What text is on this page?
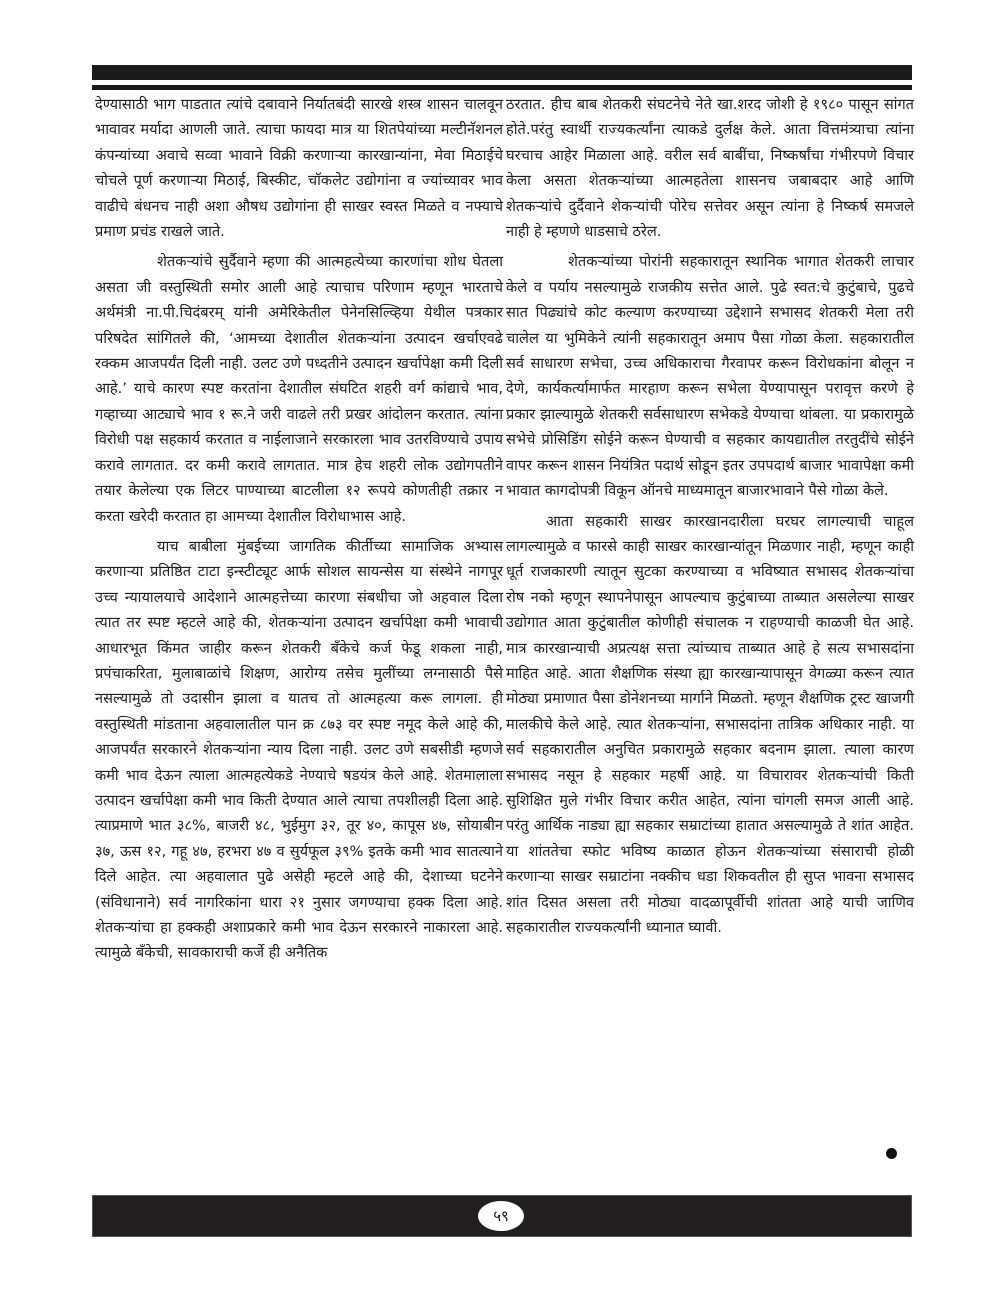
देण्यासाठी भाग पाडतात त्यांचे दबावाने निर्यातबंदी सारखे शस्त्र शासन चालवून भावावर मर्यादा आणली जाते. त्याचा फायदा मात्र या शितपेयांच्या मल्टीनॅशनल कंपन्यांच्या अवाचे सव्वा भावाने विक्री करणाऱ्या कारखान्यांना, मेवा मिठाईचे चोचले पूर्ण करणाऱ्या मिठाई, बिस्कीट, चॉकलेट उद्योगांना व ज्यांच्यावर भाव वाढीचे बंधनच नाही अशा औषध उद्योगांना ही साखर स्वस्त मिळते व नफ्याचे प्रमाण प्रचंड राखले जाते.

शेतकऱ्यांचे सुर्दैवाने म्हणा की आत्महत्येच्या कारणांचा शोध घेतला असता जी वस्तुस्थिती समोर आली आहे त्याचाच परिणाम म्हणून भारताचे अर्थमंत्री ना.पी.चिदंबरम् यांनी अमेरिकेतील पेनेनसिल्व्हिया येथील पत्रकार परिषदेत सांगितले की, ‘आमच्या देशातील शेतकऱ्यांना उत्पादन खर्चाएवढे रक्कम आजपर्यंत दिली नाही. उलट उणे पध्दतीने उत्पादन खर्चापेक्षा कमी दिली आहे.’ याचे कारण स्पष्ट करतांना देशातील संघटित शहरी वर्ग कांद्याचे भाव, गव्हाच्या आट्याचे भाव १ रू.ने जरी वाढले तरी प्रखर आंदोलन करतात. त्यांना विरोधी पक्ष सहकार्य करतात व नाईलाजाने सरकारला भाव उतरविण्याचे उपाय करावे लागतात. दर कमी करावे लागतात. मात्र हेच शहरी लोक उद्योगपतीने तयार केलेल्या एक लिटर पाण्याच्या बाटलीला १२ रूपये कोणतीही तक्रार न करता खरेदी करतात हा आमच्या देशातील विरोधाभास आहे.

याच बाबीला मुंबईच्या जागतिक कीर्तीच्या सामाजिक अभ्यास करणाऱ्या प्रतिष्ठित टाटा इन्स्टीट्यूट आर्फ सोशल सायन्सेस या संस्थेने नागपूर उच्च न्यायालयाचे आदेशाने आत्महत्तेच्या कारणा संबधीचा जो अहवाल दिला त्यात तर स्पष्ट म्हटले आहे की, शेतकऱ्यांना उत्पादन खर्चापेक्षा कमी भावाची आधारभूत किंमत जाहीर करून शेतकरी बॅंकेचे कर्ज फेडू शकला नाही, प्रपंचाकरिता, मुलाबाळांचे शिक्षण, आरोग्य तसेच मुलींच्या लग्नासाठी पैसे नसल्यामुळे तो उदासीन झाला व यातच तो आत्महत्या करू लागला. ही वस्तुस्थिती मांडताना अहवालातील पान क्र ८७३ वर स्पष्ट नमूद केले आहे की, आजपर्यंत सरकारने शेतकऱ्यांना न्याय दिला नाही. उलट उणे सबसीडी म्हणजे कमी भाव देऊन त्याला आत्महत्येकडे नेण्याचे षडयंत्र केले आहे. शेतमालाला उत्पादन खर्चापेक्षा कमी भाव किती देण्यात आले त्याचा तपशीलही दिला आहे. त्याप्रमाणे भात ३८%, बाजरी ४८, भुईमुग ३२, तूर ४०, कापूस ४७, सोयाबीन ३७, ऊस १२, गहू ४७, हरभरा ४७ व सुर्यफूल ३९% इतके कमी भाव सातत्याने दिले आहेत. त्या अहवालात पुढे असेही म्हटले आहे की, देशाच्या घटनेने (संविधानाने) सर्व नागरिकांना धारा २१ नुसार जगण्याचा हक्क दिला आहे. शेतकऱ्यांचा हा हक्कही अशाप्रकारे कमी भाव देऊन सरकारने नाकारला आहे. त्यामुळे बॅंकेची, सावकाराची कर्जे ही अनैतिक

ठरतात. हीच बाब शेतकरी संघटनेचे नेते खा.शरद जोशी हे १९८० पासून सांगत होते.परंतु स्वार्थी राज्यकर्त्यांना त्याकडे दुर्लक्ष केले. आता वित्तमंत्र्याचा त्यांना घरचाच आहेर मिळाला आहे. वरील सर्व बाबींचा, निष्कर्षांचा गंभीरपणे विचार केला असता शेतकऱ्यांच्या आत्महतेला शासनच जबाबदार आहे आणि शेतकऱ्यांचे दुर्दैवाने शेकऱ्यांची पोरेच सत्तेवर असून त्यांना हे निष्कर्ष समजले नाही हे म्हणणे धाडसाचे ठरेल.

शेतकऱ्यांच्या पोरांनी सहकारातून स्थानिक भागात शेतकरी लाचार केले व पर्याय नसल्यामुळे राजकीय सत्तेत आले. पुढे स्वत:चे कुटुंबाचे, पुढचे सात पिढ्यांचे कोट कल्याण करण्याच्या उद्देशाने सभासद शेतकरी मेला तरी चालेल या भुमिकेने त्यांनी सहकारातून अमाप पैसा गोळा केला. सहकारातील सर्व साधारण सभेचा, उच्च अधिकाराचा गैरवापर करून विरोधकांना बोलून न देणे, कार्यकर्त्यामार्फत मारहाण करून सभेला येण्यापासून परावृत्त करणे हे प्रकार झाल्यामुळे शेतकरी सर्वसाधारण सभेकडे येण्याचा थांबला. या प्रकारामुळे सभेचे प्रोसिडिंग सोईने करून घेण्याची व सहकार कायद्यातील तरतुदींचे सोईने वापर करून शासन नियंत्रित पदार्थ सोडून इतर उपपदार्थ बाजार भावापेक्षा कमी भावात कागदोपत्री विकून ऑनचे माध्यमातून बाजारभावाने पैसे गोळा केले.

आता सहकारी साखर कारखानदारीला घरघर लागल्याची चाहूल लागल्यामुळे व फारसे काही साखर कारखान्यांतून मिळणार नाही, म्हणून काही धूर्त राजकारणी त्यातून सुटका करण्याच्या व भविष्यात सभासद शेतकऱ्यांचा रोष नको म्हणून स्थापनेपासून आपल्याच कुटुंबाच्या ताब्यात असलेल्या साखर उद्योगात आता कुटुंबातील कोणीही संचालक न राहण्याची काळजी घेत आहे. मात्र कारखान्याची अप्रत्यक्ष सत्ता त्यांच्याच ताब्यात आहे हे सत्य सभासदांना माहित आहे. आता शैक्षणिक संस्था ह्या कारखान्यापासून वेगळ्या करून त्यात मोठ्या प्रमाणात पैसा डोनेशनच्या मार्गाने मिळतो. म्हणून शैक्षणिक ट्रस्ट खाजगी मालकीचे केले आहे. त्यात शेतकऱ्यांना, सभासदांना तात्रिक अधिकार नाही. या सर्व सहकारातील अनुचित प्रकारामुळे सहकार बदनाम झाला. त्याला कारण सभासद नसून हे सहकार महर्षी आहे. या विचारावर शेतकऱ्यांची किती सुशिक्षित मुले गंभीर विचार करीत आहेत, त्यांना चांगली समज आली आहे. परंतु आर्थिक नाड्या ह्या सहकार सम्राटांच्या हातात असल्यामुळे ते शांत आहेत. या शांततेचा स्फोट भविष्य काळात होऊन शेतकऱ्यांच्या संसाराची होळी करणाऱ्या साखर सम्राटांना नक्कीच धडा शिकवतील ही सुप्त भावना सभासद शांत दिसत असला तरी मोठ्या वादळापूर्वीची शांतता आहे याची जाणिव सहकारातील राज्यकर्त्यांनी ध्यानात घ्यावी.

५९
